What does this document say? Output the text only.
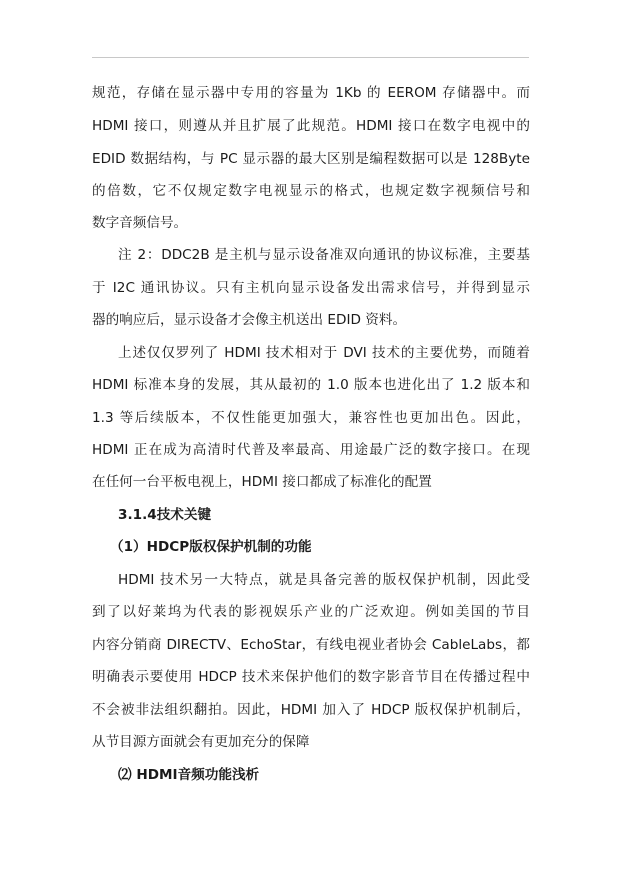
规范，存储在显示器中专用的容量为 1Kb 的 EEROM 存储器中。而
HDMI 接口，则遵从并且扩展了此规范。HDMI 接口在数字电视中的
EDID 数据结构，与 PC 显示器的最大区别是编程数据可以是 128Byte
的倍数，它不仅规定数字电视显示的格式，也规定数字视频信号和
数字音频信号。
注 2：DDC2B 是主机与显示设备准双向通讯的协议标准，主要基
于 I2C 通讯协议。只有主机向显示设备发出需求信号，并得到显示
器的响应后，显示设备才会像主机送出 EDID 资料。
上述仅仅罗列了 HDMI 技术相对于 DVI 技术的主要优势，而随着
HDMI 标准本身的发展，其从最初的 1.0 版本也进化出了 1.2 版本和
1.3 等后续版本，不仅性能更加强大，兼容性也更加出色。因此，
HDMI 正在成为高清时代普及率最高、用途最广泛的数字接口。在现
在任何一台平板电视上，HDMI 接口都成了标准化的配置
3.1.4技术关键
（1）HDCP版权保护机制的功能
HDMI 技术另一大特点，就是具备完善的版权保护机制，因此受
到了以好莱坞为代表的影视娱乐产业的广泛欢迎。例如美国的节目
内容分销商 DIRECTV、EchoStar，有线电视业者协会 CableLabs，都
明确表示要使用 HDCP 技术来保护他们的数字影音节目在传播过程中
不会被非法组织翻拍。因此，HDMI 加入了 HDCP 版权保护机制后，
从节目源方面就会有更加充分的保障
⑵ HDMI音频功能浅析
